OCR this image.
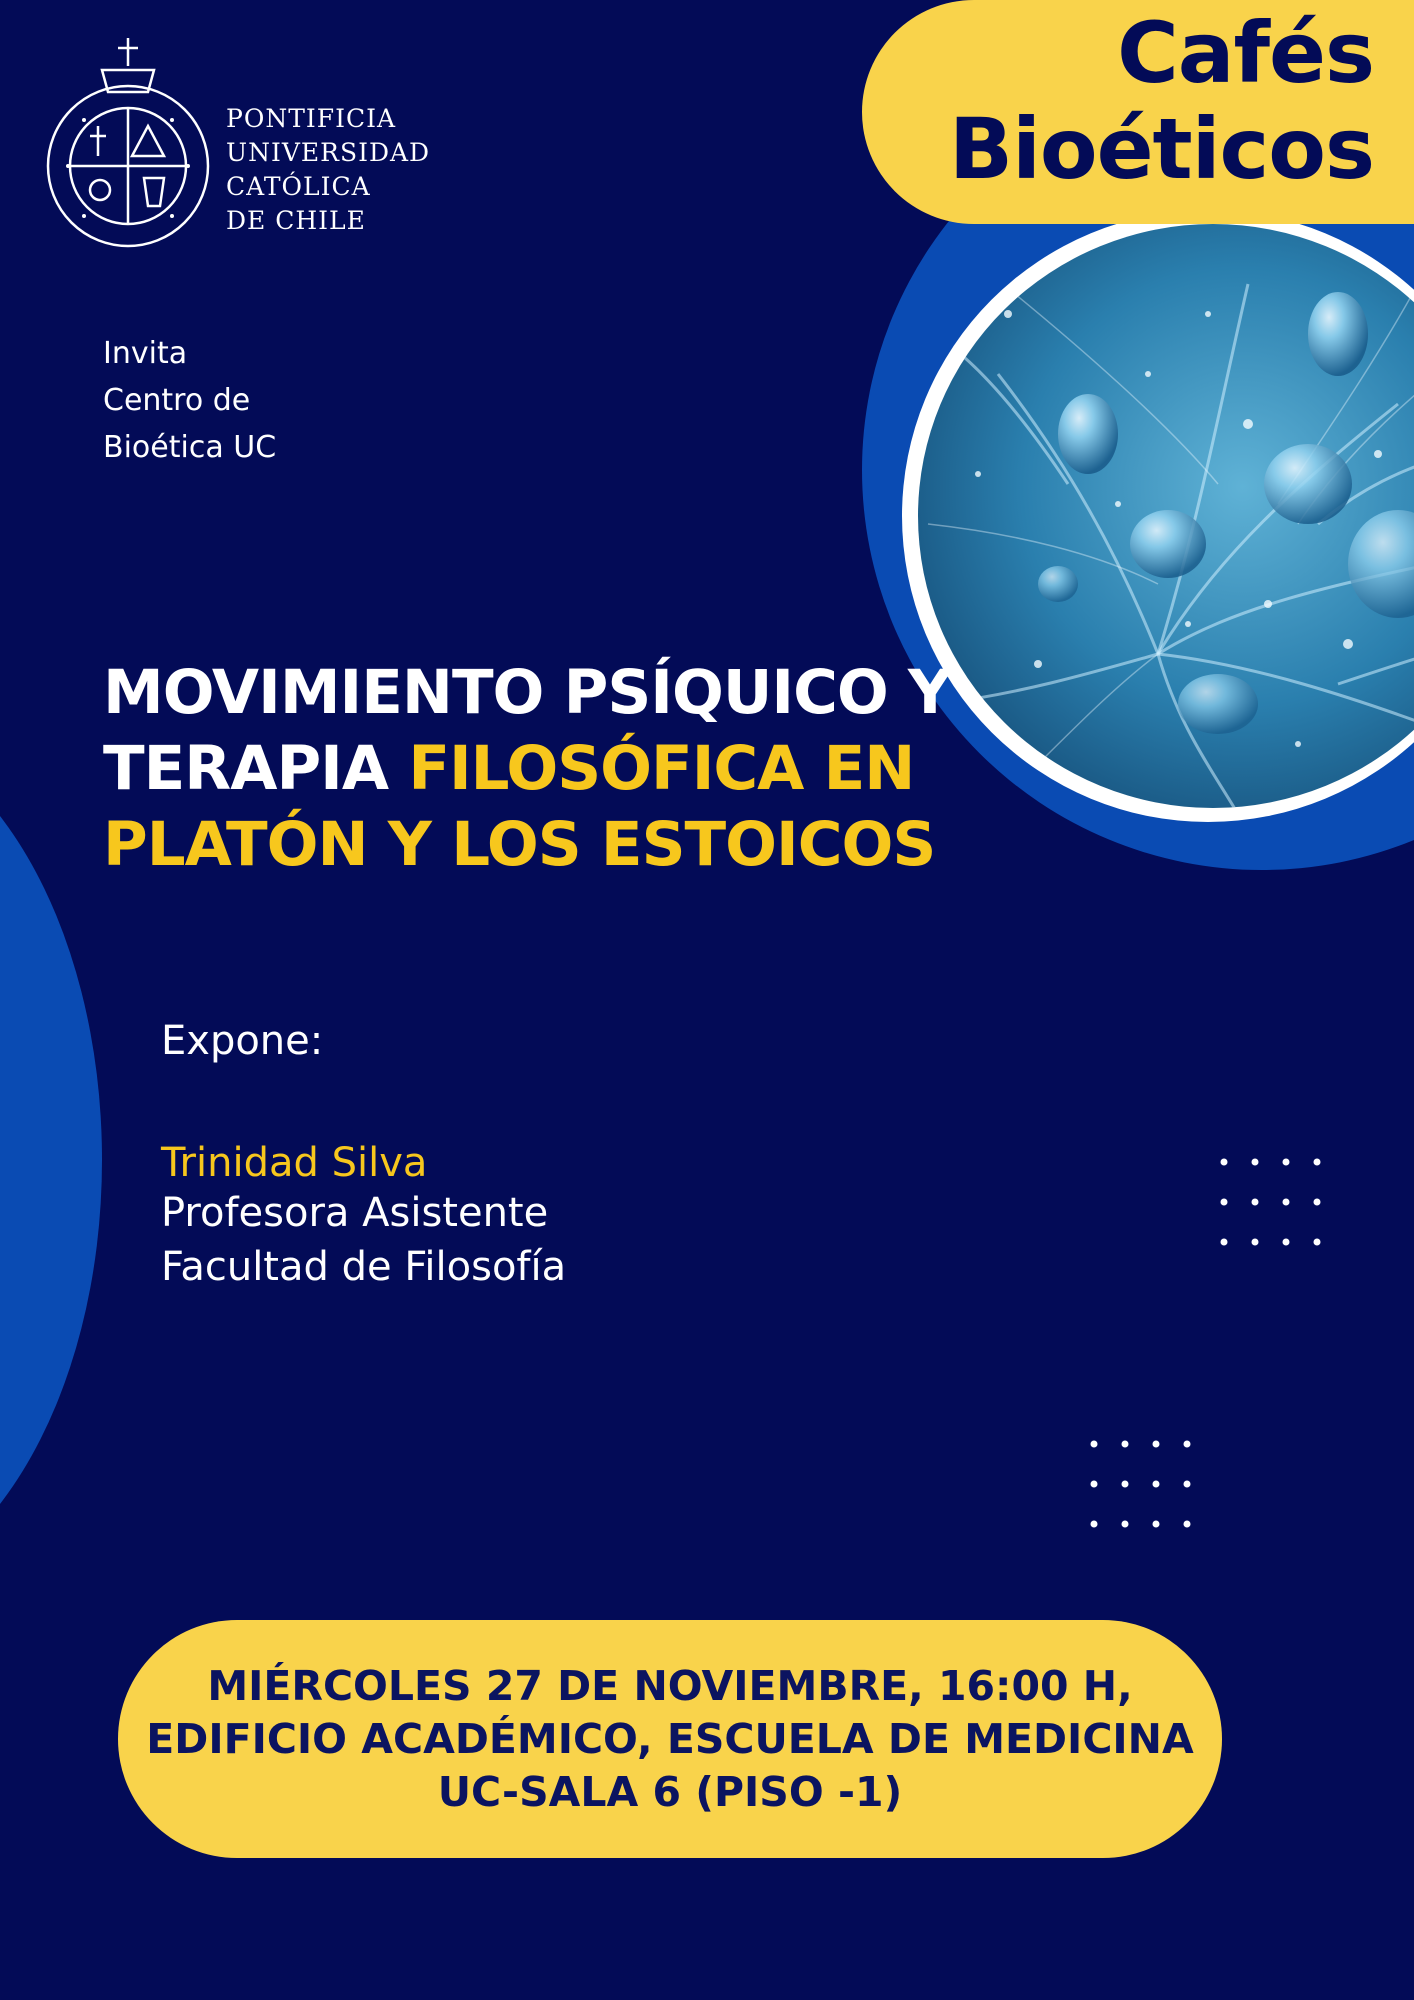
Cafés
Bioéticos
PONTIFICIA
UNIVERSIDAD
CATÓLICA
DE CHILE
Invita
Centro de
Bioética UC
MOVIMIENTO PSÍQUICO Y
TERAPIA FILOSÓFICA EN
PLATÓN Y LOS ESTOICOS
Expone:
Trinidad Silva
Profesora Asistente
Facultad de Filosofía
MIÉRCOLES 27 DE NOVIEMBRE, 16:00 H,
EDIFICIO ACADÉMICO, ESCUELA DE MEDICINA
UC-SALA 6 (PISO -1)
